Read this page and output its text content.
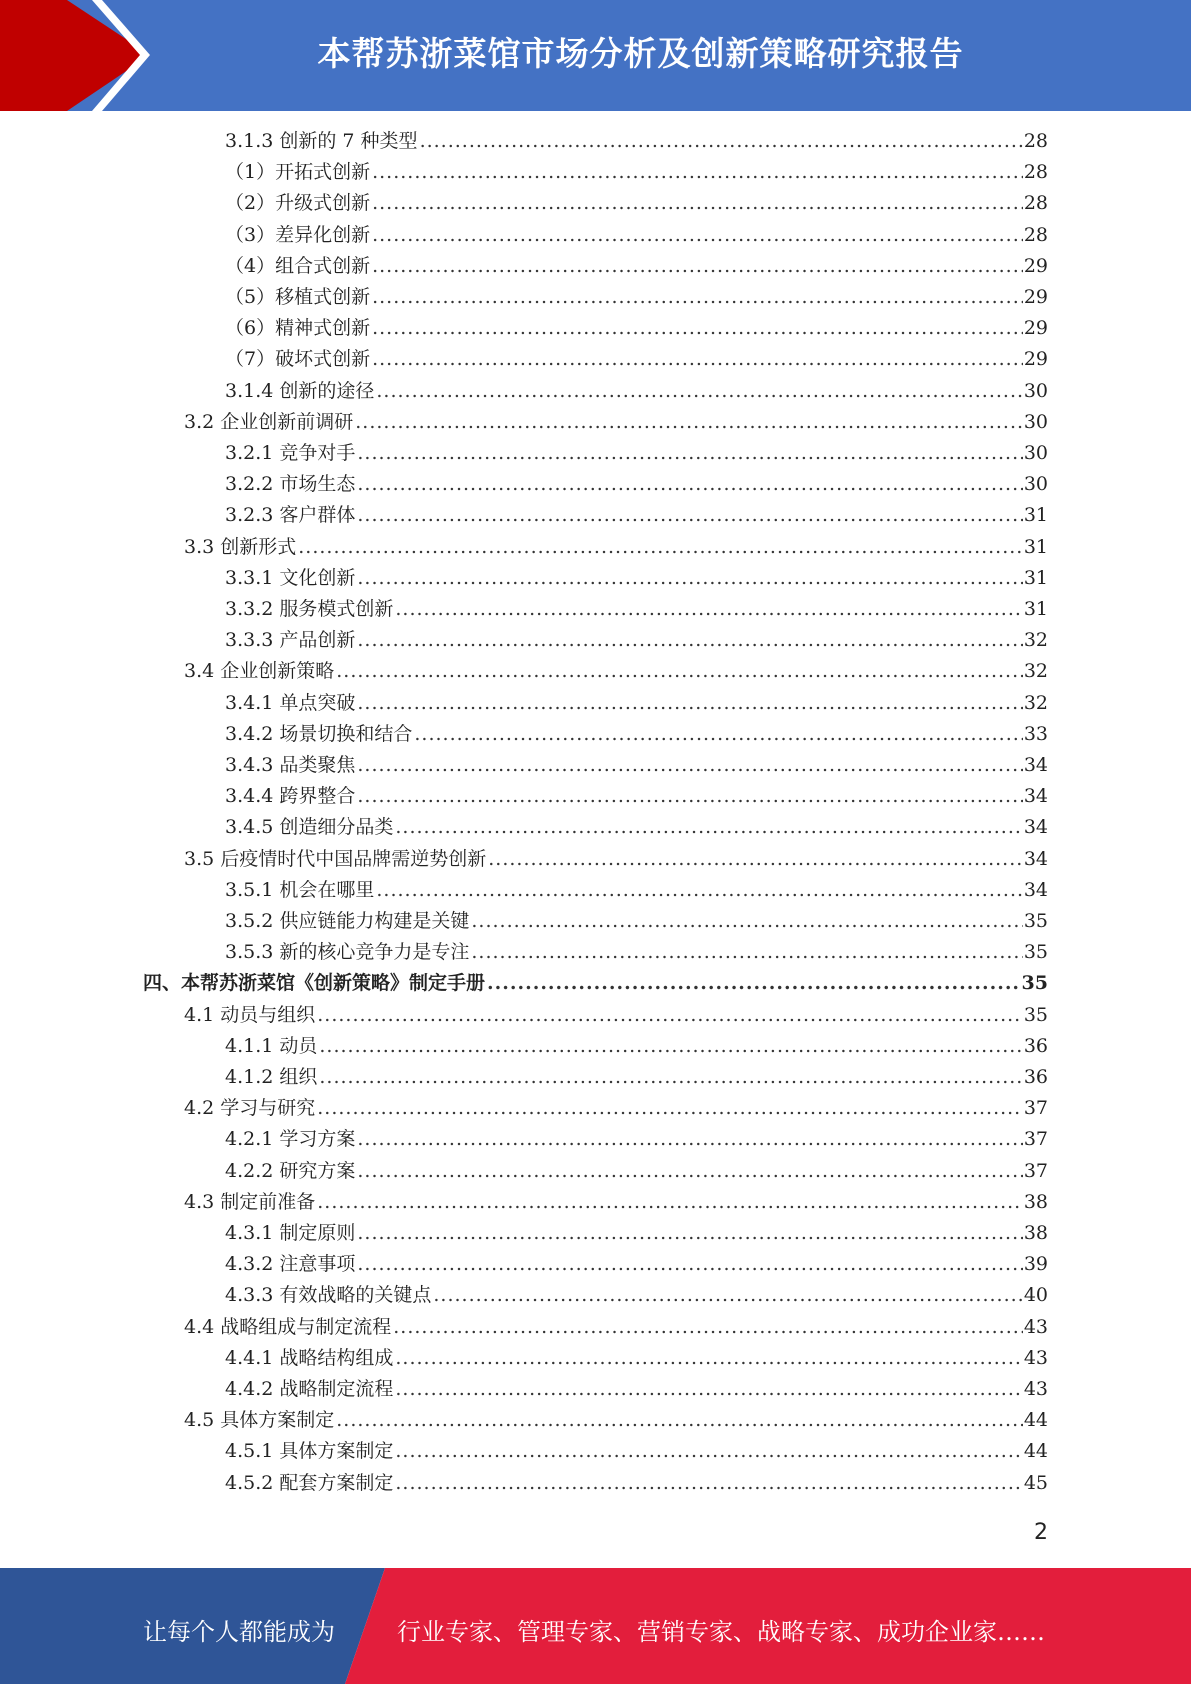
本帮苏浙菜馆市场分析及创新策略研究报告
3.1.3 创新的 7 种类型 .....	28
（1）开拓式创新 .....	28
（2）升级式创新 .....	28
（3）差异化创新 .....	28
（4）组合式创新 .....	29
（5）移植式创新 .....	29
（6）精神式创新 .....	29
（7）破坏式创新 .....	29
3.1.4 创新的途径 .....	30
3.2 企业创新前调研 .....	30
3.2.1 竞争对手 .....	30
3.2.2 市场生态 .....	30
3.2.3 客户群体 .....	31
3.3 创新形式 .....	31
3.3.1 文化创新 .....	31
3.3.2 服务模式创新 .....	31
3.3.3 产品创新 .....	32
3.4 企业创新策略 .....	32
3.4.1 单点突破 .....	32
3.4.2 场景切换和结合 .....	33
3.4.3 品类聚焦 .....	34
3.4.4 跨界整合 .....	34
3.4.5 创造细分品类 .....	34
3.5 后疫情时代中国品牌需逆势创新 .....	34
3.5.1 机会在哪里 .....	34
3.5.2 供应链能力构建是关键 .....	35
3.5.3 新的核心竞争力是专注 .....	35
四、本帮苏浙菜馆《创新策略》制定手册 .....	35
4.1 动员与组织 .....	35
4.1.1 动员 .....	36
4.1.2 组织 .....	36
4.2 学习与研究 .....	37
4.2.1 学习方案 .....	37
4.2.2 研究方案 .....	37
4.3 制定前准备 .....	38
4.3.1 制定原则 .....	38
4.3.2 注意事项 .....	39
4.3.3 有效战略的关键点 .....	40
4.4 战略组成与制定流程 .....	43
4.4.1 战略结构组成 .....	43
4.4.2 战略制定流程 .....	43
4.5 具体方案制定 .....	44
4.5.1 具体方案制定 .....	44
4.5.2 配套方案制定 .....	45
2
让每个人都能成为	行业专家、管理专家、营销专家、战略专家、成功企业家……
